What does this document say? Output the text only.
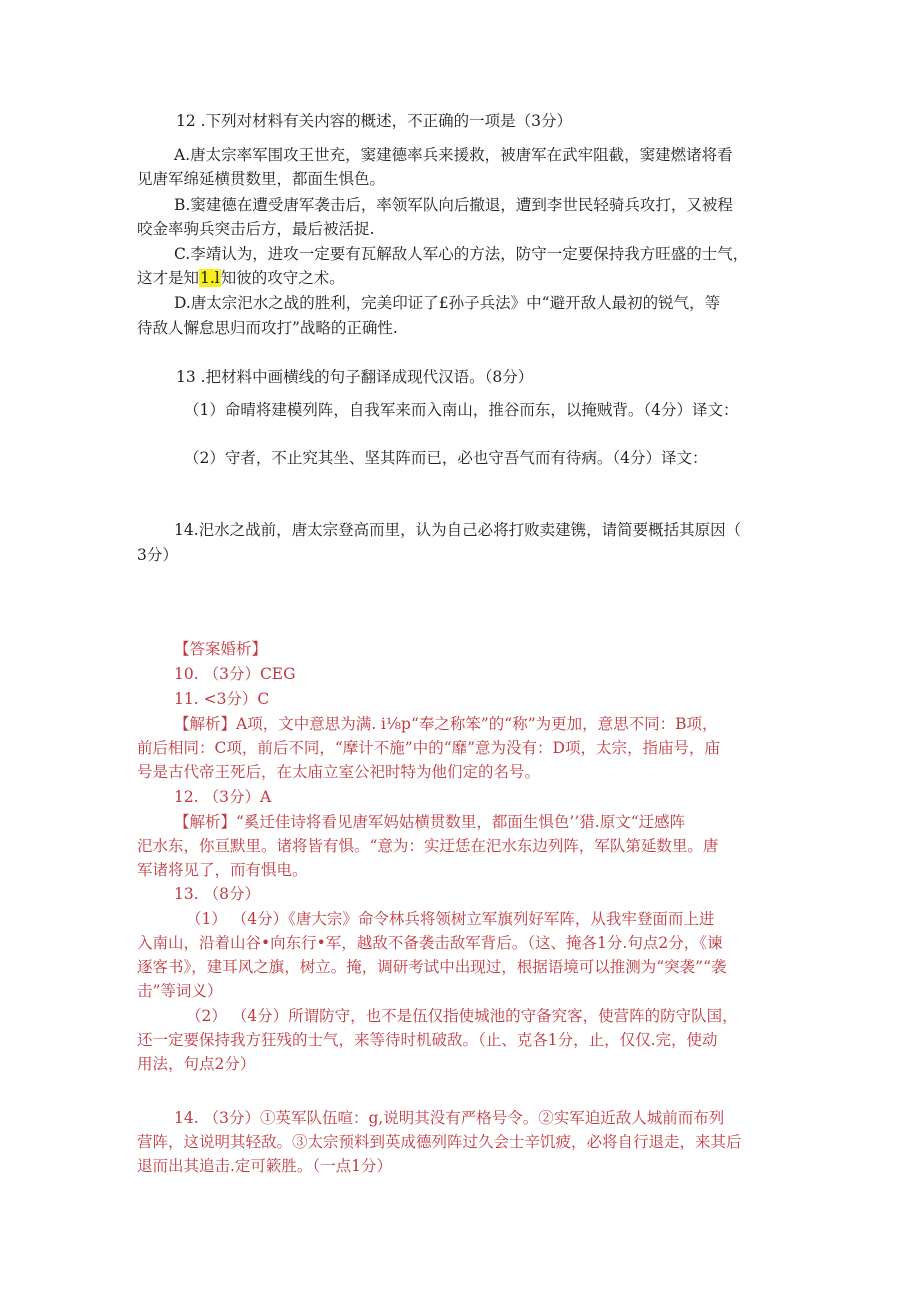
12 .下列对材料有关内容的概述，不正确的一项是（3分）
A.唐太宗率军围攻王世充，窦建德率兵来援救，被唐军在武牢阻截，窦建燃诸将看
见唐军绵延横贯数里，都面生惧色。
B.窦建德在遭受唐军袭击后，率领军队向后撤退，遭到李世民轻骑兵攻打，又被程
咬金率驹兵突击后方，最后被活捉.
C.李靖认为，进攻一定要有瓦解敌人军心的方法，防守一定要保持我方旺盛的士气，
这才是知1.l知彼的攻守之术。
D.唐太宗汜水之战的胜利，完美印证了£孙子兵法》中“避开敌人最初的锐气，等
待敌人懈怠思归而攻打”战略的正确性.
13 .把材料中画横线的句子翻译成现代汉语。（8分）
（1）命晴将建模列阵，自我军来而入南山，推谷而东，以掩贼背。（4分）译文：
（2）守者，不止究其坐、坚其阵而已，必也守吾气而有待病。（4分）译文：
14.汜水之战前，唐太宗登高而里，认为自己必将打败卖建镌，请简要概括其原因（
3分）
【答案婚析】
10. （3分）CEG
11. <3分）C
【解析】A项，文中意思为满. i⅛p“奉之称笨”的“称”为更加，意思不同：B项，
前后相同：C项，前后不同，“摩计不施”中的“靡”意为没有：D项，太宗，指庙号，庙
号是古代帝王死后，在太庙立室公祀时特为他们定的名号。
12. （3分）A
【解析】“奚迁佳诗将看见唐军妈姑横贯数里，都面生惧色’’猎.原文“迂感阵
汜水东，你亘默里。诸将皆有惧。“意为：实迂恁在汜水东边列阵，军队第延数里。唐
军诸将见了，而有惧电。
13. （8分）
（1） （4分）《唐大宗》命令林兵将领树立军旗列好军阵，从我牢登面而上进
入南山，沿着山谷•向东行•军，越敌不备袭击敌军背后。（这、掩各1分.句点2分，《谏
逐客书》，建耳风之旗，树立。掩，调研考试中出现过，根据语境可以推测为“突袭”“袭
击”等词义）
（2） （4分）所谓防守，也不是伍仅指使城池的守备究客，使营阵的防守队国，
还一定要保持我方狂残的士气，来等待时机破敌。（止、克各1分，止，仅仅.完，使动
用法，句点2分）
14. （3分）①英军队伍喧：g,说明其没有严格号令。②实军迫近敌人城前而布列
营阵，这说明其轻敌。③太宗预料到英成德列阵过久会士辛饥疲，必将自行退走，来其后
退而出其追击.定可簌胜。（一点1分）
